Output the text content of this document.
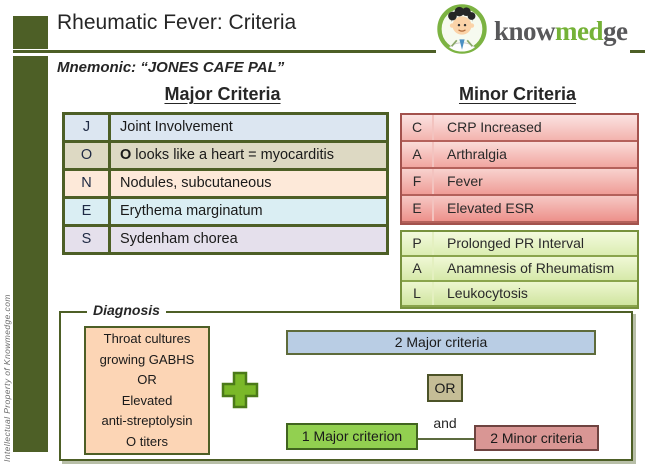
Intellectual Property of Knowmedge.com
Rheumatic Fever: Criteria	knowmedge
Mnemonic: “JONES CAFE PAL”
Major Criteria
J	Joint Involvement
O	O looks like a heart = myocarditis
N	Nodules, subcutaneous
E	Erythema marginatum
S	Sydenham chorea
Minor Criteria
C	CRP Increased
A	Arthralgia
F	Fever
E	Elevated ESR
P	Prolonged PR Interval
A	Anamnesis of Rheumatism
L	Leukocytosis
Diagnosis
Throat cultures
growing GABHS
OR
Elevated
anti-streptolysin
O titers
2 Major criteria
OR
and
1 Major criterion	2 Minor criteria
